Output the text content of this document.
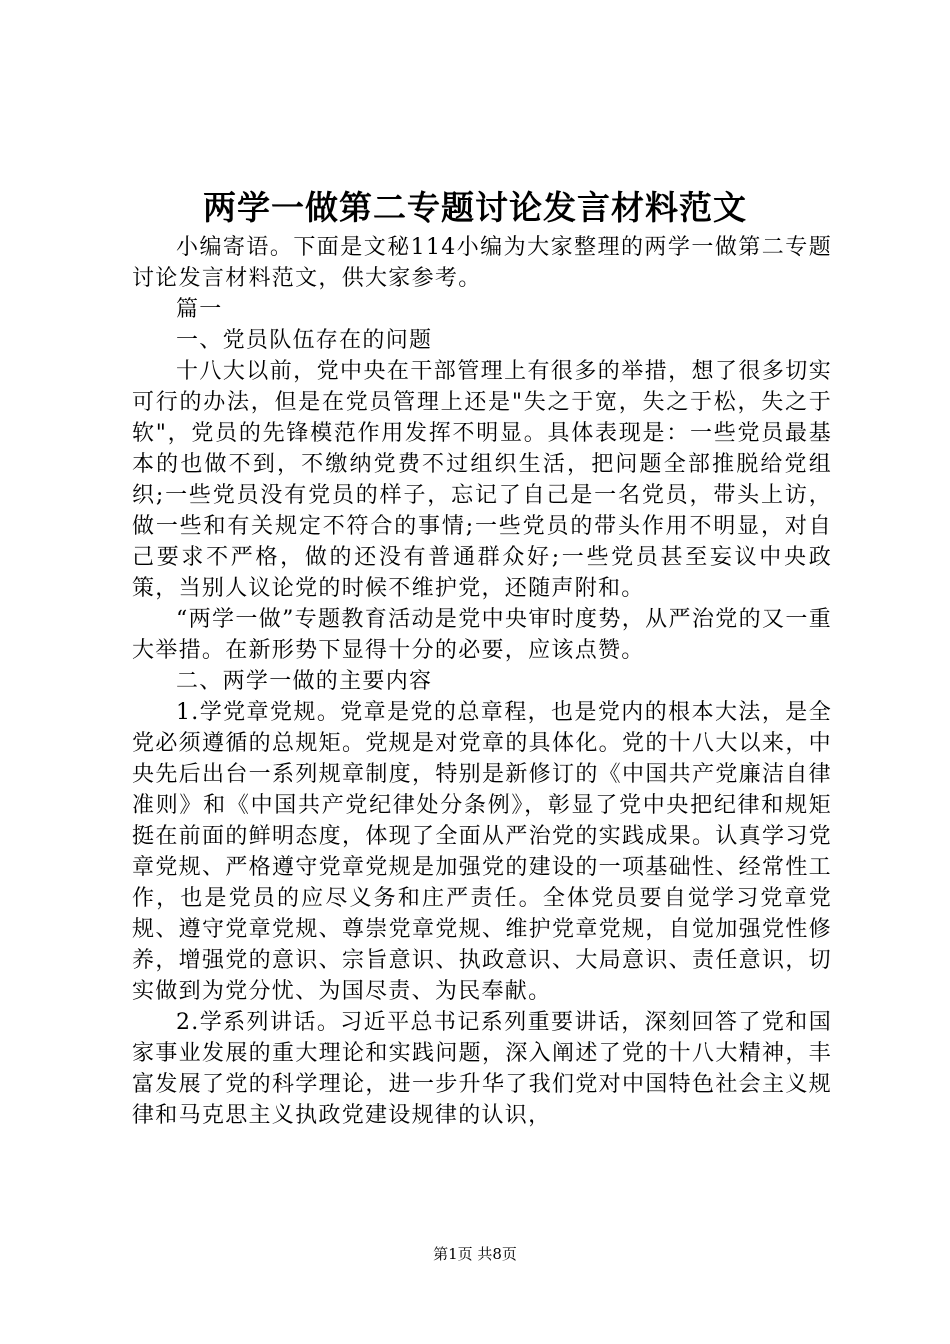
两学一做第二专题讨论发言材料范文

小编寄语。下面是文秘114小编为大家整理的两学一做第二专题讨论发言材料范文，供大家参考。

篇一

一、党员队伍存在的问题

十八大以前，党中央在干部管理上有很多的举措，想了很多切实可行的办法，但是在党员管理上还是"失之于宽，失之于松，失之于软"，党员的先锋模范作用发挥不明显。具体表现是：一些党员最基本的也做不到，不缴纳党费不过组织生活，把问题全部推脱给党组织;一些党员没有党员的样子，忘记了自己是一名党员，带头上访，做一些和有关规定不符合的事情;一些党员的带头作用不明显，对自己要求不严格，做的还没有普通群众好;一些党员甚至妄议中央政策，当别人议论党的时候不维护党，还随声附和。

“两学一做”专题教育活动是党中央审时度势，从严治党的又一重大举措。在新形势下显得十分的必要，应该点赞。

二、两学一做的主要内容

1.学党章党规。党章是党的总章程，也是党内的根本大法，是全党必须遵循的总规矩。党规是对党章的具体化。党的十八大以来，中央先后出台一系列规章制度，特别是新修订的《中国共产党廉洁自律准则》和《中国共产党纪律处分条例》，彰显了党中央把纪律和规矩挺在前面的鲜明态度，体现了全面从严治党的实践成果。认真学习党章党规、严格遵守党章党规是加强党的建设的一项基础性、经常性工作，也是党员的应尽义务和庄严责任。全体党员要自觉学习党章党规、遵守党章党规、尊崇党章党规、维护党章党规，自觉加强党性修养，增强党的意识、宗旨意识、执政意识、大局意识、责任意识，切实做到为党分忧、为国尽责、为民奉献。

2.学系列讲话。习近平总书记系列重要讲话，深刻回答了党和国家事业发展的重大理论和实践问题，深入阐述了党的十八大精神，丰富发展了党的科学理论，进一步升华了我们党对中国特色社会主义规律和马克思主义执政党建设规律的认识，

第1页 共8页
